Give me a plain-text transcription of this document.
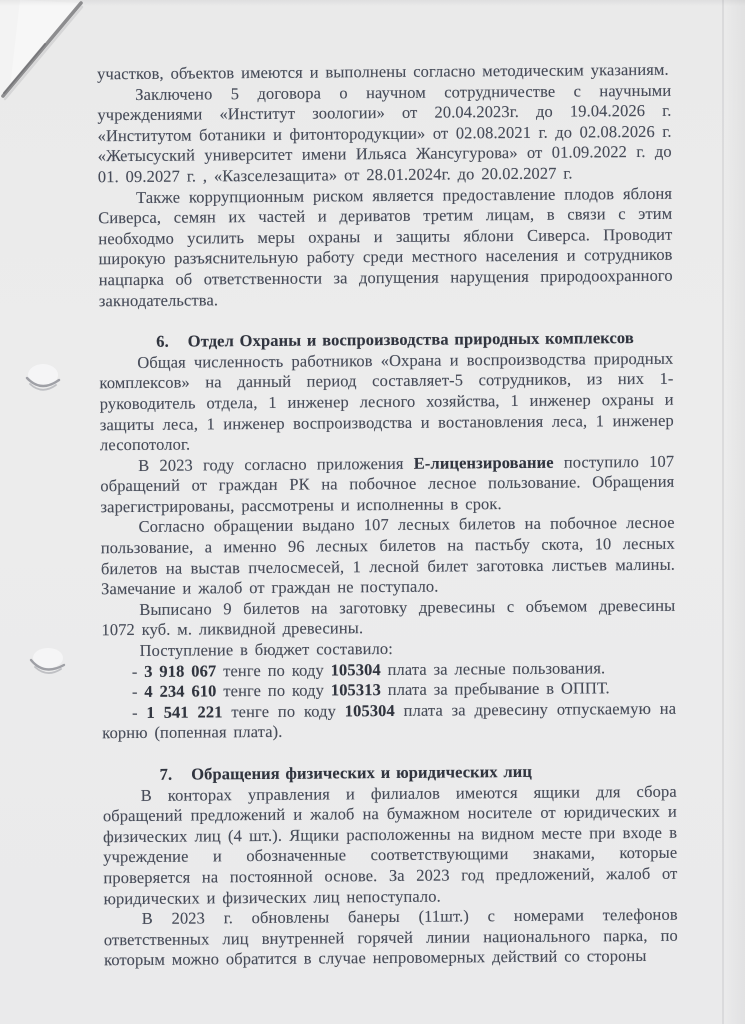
участков, объектов имеются и выполнены согласно методическим указаниям.

Заключено 5 договора о научном сотрудничестве с научными учреждениями «Институт зоологии» от 20.04.2023г. до 19.04.2026 г. «Институтом ботаники и фитонтородукции» от 02.08.2021 г. до 02.08.2026 г. «Жетысуский университет имени Ильяса Жансугурова» от 01.09.2022 г. до 01. 09.2027 г. , «Казселезащита» от 28.01.2024г. до 20.02.2027 г.

Также коррупционным риском является предоставление плодов яблоня Сиверса, семян их частей и дериватов третим лицам, в связи с этим необходмо усилить меры охраны и защиты яблони Сиверса. Проводит широкую разъяснительную работу среди местного населения и сотрудников нацпарка об ответственности за допущения нарущения природоохранного закнодательства.

6. Отдел Охраны и воспроизводства природных комплексов

Общая численность работников «Охрана и воспроизводства природных комплексов» на данный период составляет-5 сотрудников, из них 1-руководитель отдела, 1 инженер лесного хозяйства, 1 инженер охраны и защиты леса, 1 инженер воспроизводства и востановления леса, 1 инженер лесопотолог.

В 2023 году согласно приложения Е-лицензирование поступило 107 обращений от граждан РК на побочное лесное пользование. Обращения зарегистрированы, рассмотрены и исполненны в срок.

Согласно обращении выдано 107 лесных билетов на побочное лесное пользование, а именно 96 лесных билетов на пастьбу скота, 10 лесных билетов на выстав пчелосмесей, 1 лесной билет заготовка листьев малины. Замечание и жалоб от граждан не поступало.

Выписано 9 билетов на заготовку древесины с объемом древесины 1072 куб. м. ликвидной древесины.

Поступление в бюджет составило:

- 3 918 067 тенге по коду 105304 плата за лесные пользования.

- 4 234 610 тенге по коду 105313 плата за пребывание в ОППТ.

- 1 541 221 тенге по коду 105304 плата за древесину отпускаемую на корню (попенная плата).

7. Обращения физических и юридических лиц

В конторах управления и филиалов имеются ящики для сбора обращений предложений и жалоб на бумажном носителе от юридических и физических лиц (4 шт.). Ящики расположенны на видном месте при входе в учреждение и обозначенные соответствующими знаками, которые проверяется на постоянной основе. За 2023 год предложений, жалоб от юридических и физических лиц непоступало.

В 2023 г. обновлены банеры (11шт.) с номерами телефонов ответственных лиц внутренней горячей линии национального парка, по которым можно обратится в случае непровомерных действий со стороны
